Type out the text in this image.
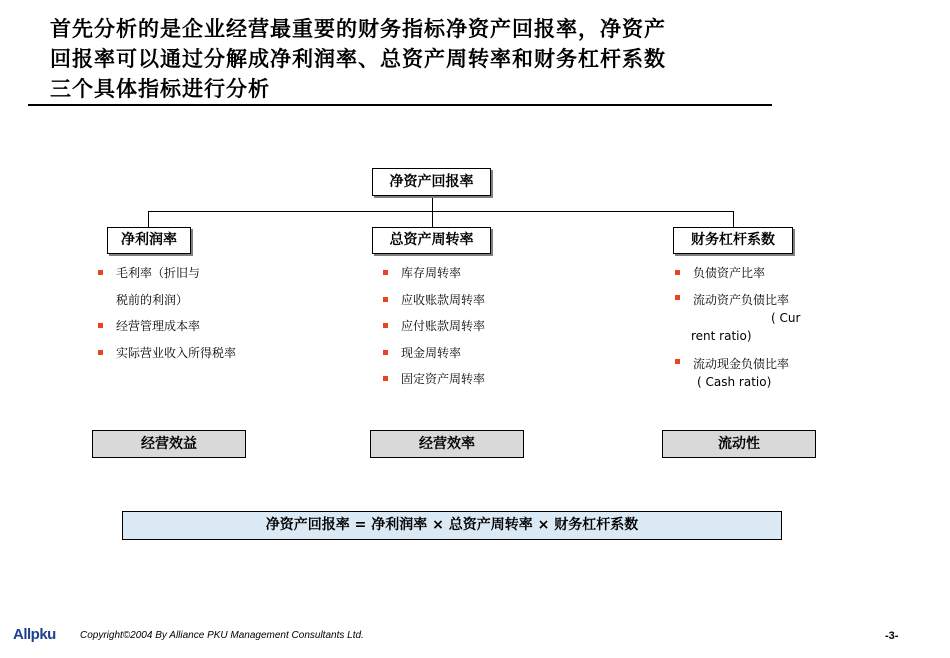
首先分析的是企业经营最重要的财务指标净资产回报率，净资产
回报率可以通过分解成净利润率、总资产周转率和财务杠杆系数
三个具体指标进行分析
净资产回报率
净利润率	总资产周转率	财务杠杆系数
毛利率（折旧与
税前的利润）
经营管理成本率
实际营业收入所得税率
库存周转率
应收账款周转率
应付账款周转率
现金周转率
固定资产周转率
负债资产比率
流动资产负债比率
( Cur
rent ratio)
流动现金负债比率
( Cash ratio)
经营效益	经营效率	流动性
净资产回报率 = 净利润率 × 总资产周转率 × 财务杠杆系数
Allpku Copyright©2004 By Alliance PKU Management Consultants Ltd.	-3-
